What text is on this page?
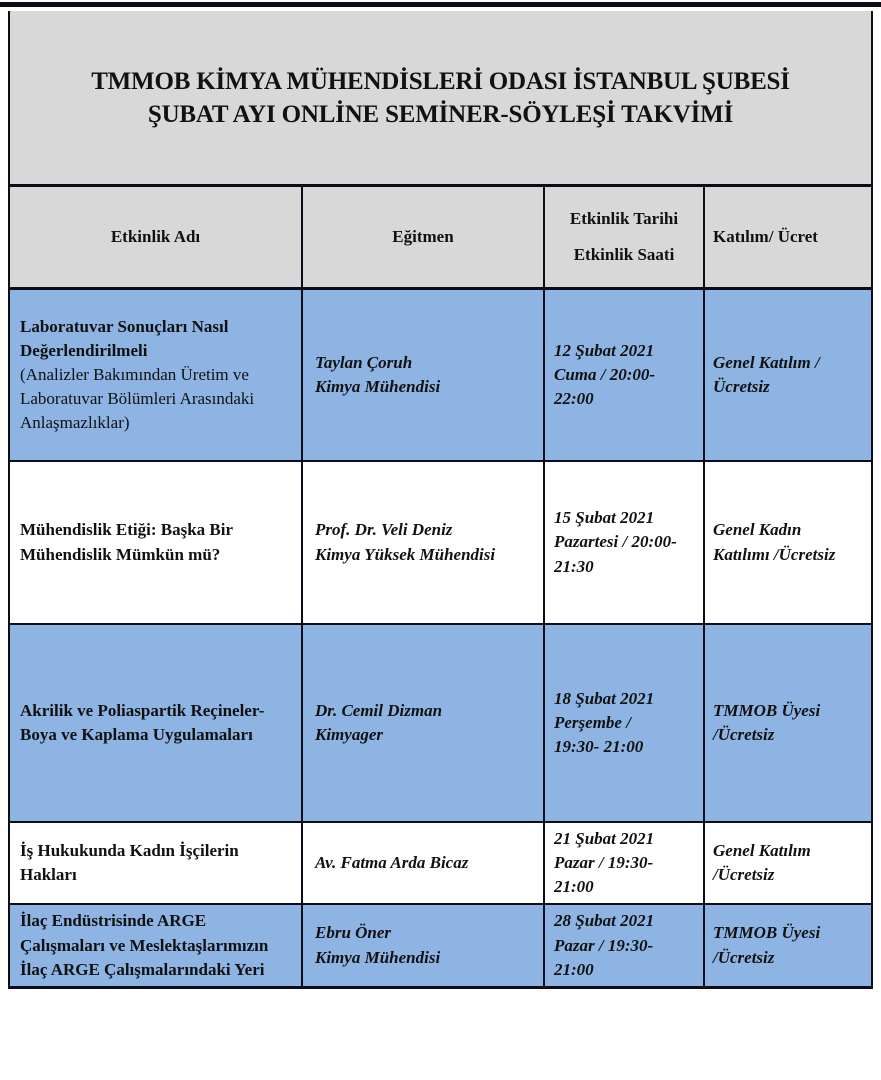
TMMOB KİMYA MÜHENDİSLERİ ODASI İSTANBUL ŞUBESİ
ŞUBAT AYI ONLİNE SEMİNER-SÖYLEŞİ TAKVİMİ
Etkinlik Adı	Eğitmen
Etkinlik Tarihi
Etkinlik Saati
Katılım/ Ücret
Laboratuvar Sonuçları Nasıl Değerlendirilmeli
(Analizler Bakımından Üretim ve Laboratuvar Bölümleri Arasındaki Anlaşmazlıklar)
Taylan Çoruh
Kimya Mühendisi
12 Şubat 2021
Cuma / 20:00-
22:00
Genel Katılım /
Ücretsiz
Mühendislik Etiği: Başka Bir Mühendislik Mümkün mü?
Prof. Dr. Veli Deniz
Kimya Yüksek Mühendisi
15 Şubat 2021
Pazartesi / 20:00-
21:30
Genel Kadın
Katılımı /Ücretsiz
Akrilik ve Poliaspartik Reçineler- Boya ve Kaplama Uygulamaları
Dr. Cemil Dizman
Kimyager
18 Şubat 2021
Perşembe /
19:30- 21:00
TMMOB Üyesi
/Ücretsiz
İş Hukukunda Kadın İşçilerin Hakları
Av. Fatma Arda Bicaz
21 Şubat 2021
Pazar / 19:30-
21:00
Genel Katılım
/Ücretsiz
İlaç Endüstrisinde ARGE Çalışmaları ve Meslektaşlarımızın İlaç ARGE Çalışmalarındaki Yeri
Ebru Öner
Kimya Mühendisi
28 Şubat 2021
Pazar / 19:30-
21:00
TMMOB Üyesi
/Ücretsiz
